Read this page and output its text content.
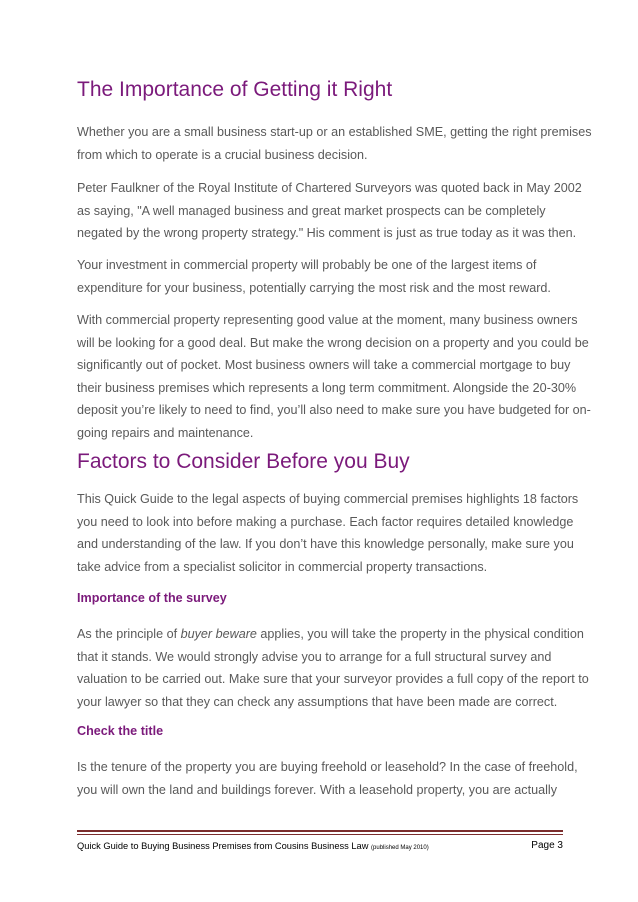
The Importance of Getting it Right

Whether you are a small business start-up or an established SME, getting the right premises
from which to operate is a crucial business decision.

Peter Faulkner of the Royal Institute of Chartered Surveyors was quoted back in May 2002
as saying, "A well managed business and great market prospects can be completely
negated by the wrong property strategy." His comment is just as true today as it was then.

Your investment in commercial property will probably be one of the largest items of
expenditure for your business, potentially carrying the most risk and the most reward.

With commercial property representing good value at the moment, many business owners
will be looking for a good deal. But make the wrong decision on a property and you could be
significantly out of pocket. Most business owners will take a commercial mortgage to buy
their business premises which represents a long term commitment. Alongside the 20-30%
deposit you’re likely to need to find, you’ll also need to make sure you have budgeted for on-
going repairs and maintenance.

Factors to Consider Before you Buy

This Quick Guide to the legal aspects of buying commercial premises highlights 18 factors
you need to look into before making a purchase. Each factor requires detailed knowledge
and understanding of the law. If you don’t have this knowledge personally, make sure you
take advice from a specialist solicitor in commercial property transactions.

Importance of the survey

As the principle of buyer beware applies, you will take the property in the physical condition
that it stands. We would strongly advise you to arrange for a full structural survey and
valuation to be carried out. Make sure that your surveyor provides a full copy of the report to
your lawyer so that they can check any assumptions that have been made are correct.

Check the title

Is the tenure of the property you are buying freehold or leasehold? In the case of freehold,
you will own the land and buildings forever. With a leasehold property, you are actually

Quick Guide to Buying Business Premises from Cousins Business Law (published May 2010)	Page 3
